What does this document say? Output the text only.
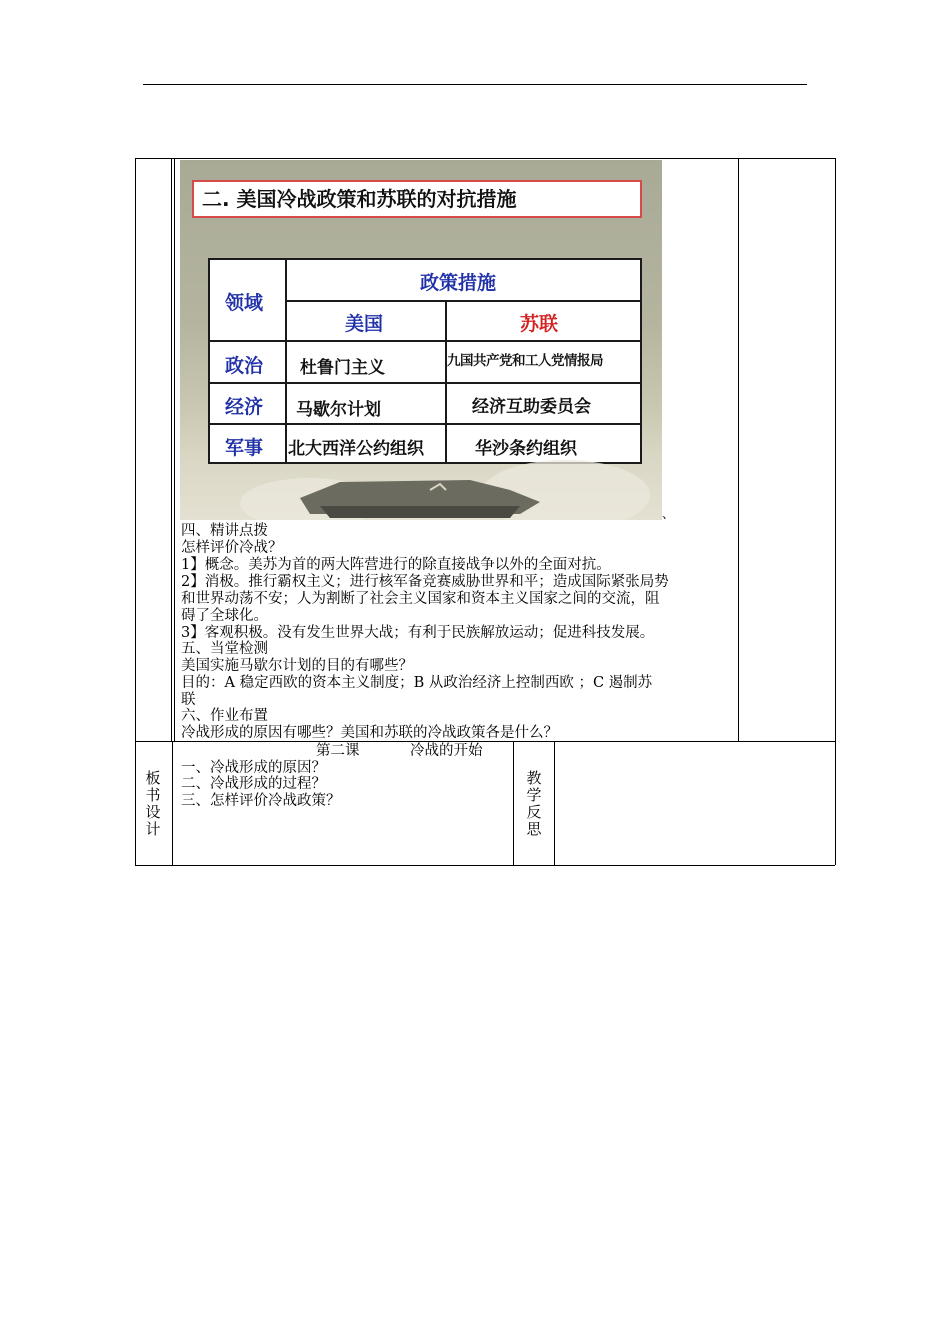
二. 美国冷战政策和苏联的对抗措施
领域
政策措施
美国	苏联
政治 杜鲁门主义	九国共产党和工人党情报局
经济 马歇尔计划	经济互助委员会
军事 北大西洋公约组织	华沙条约组织
、
四、精讲点拨
怎样评价冷战？
1】概念。美苏为首的两大阵营进行的除直接战争以外的全面对抗。
2】消极。推行霸权主义；进行核军备竞赛威胁世界和平；造成国际紧张局势
和世界动荡不安；人为割断了社会主义国家和资本主义国家之间的交流，阻
碍了全球化。
3】客观积极。没有发生世界大战；有利于民族解放运动；促进科技发展。
五、当堂检测
美国实施马歇尔计划的目的有哪些？
目的：A 稳定西欧的资本主义制度；B 从政治经济上控制西欧 ；C 遏制苏
联
六、作业布置
冷战形成的原因有哪些？美国和苏联的冷战政策各是什么？
板
书
设
计
第二课	冷战的开始
一、冷战形成的原因？
二、冷战形成的过程？
三、怎样评价冷战政策？
教
学
反
思
